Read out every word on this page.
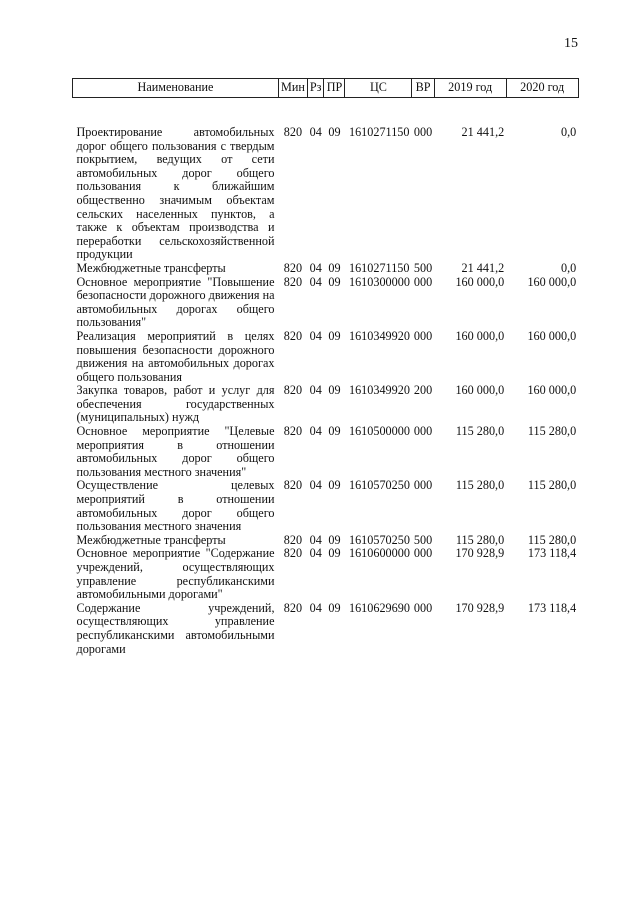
15
Наименование	Мин	Рз	ПР	ЦС	ВР	2019 год	2020 год
Проектирование автомобильных дорог общего пользования с твердым покрытием, ведущих от сети автомобильных дорог общего пользования к ближайшим общественно значимым объектам сельских населенных пунктов, а также к объектам производства и переработки сельскохозяйственной продукции	820	04	09	1610271150	000	21 441,2	0,0
Межбюджетные трансферты	820	04	09	1610271150	500	21 441,2	0,0
Основное мероприятие "Повышение безопасности дорожного движения на автомобильных дорогах общего пользования"	820	04	09	1610300000	000	160 000,0	160 000,0
Реализация мероприятий в целях повышения безопасности дорожного движения на автомобильных дорогах общего пользования	820	04	09	1610349920	000	160 000,0	160 000,0
Закупка товаров, работ и услуг для обеспечения государственных (муниципальных) нужд	820	04	09	1610349920	200	160 000,0	160 000,0
Основное мероприятие "Целевые мероприятия в отношении автомобильных дорог общего пользования местного значения"	820	04	09	1610500000	000	115 280,0	115 280,0
Осуществление целевых мероприятий в отношении автомобильных дорог общего пользования местного значения	820	04	09	1610570250	000	115 280,0	115 280,0
Межбюджетные трансферты	820	04	09	1610570250	500	115 280,0	115 280,0
Основное мероприятие "Содержание учреждений, осуществляющих управление республиканскими автомобильными дорогами"	820	04	09	1610600000	000	170 928,9	173 118,4
Содержание учреждений, осуществляющих управление республиканскими автомобильными дорогами	820	04	09	1610629690	000	170 928,9	173 118,4
